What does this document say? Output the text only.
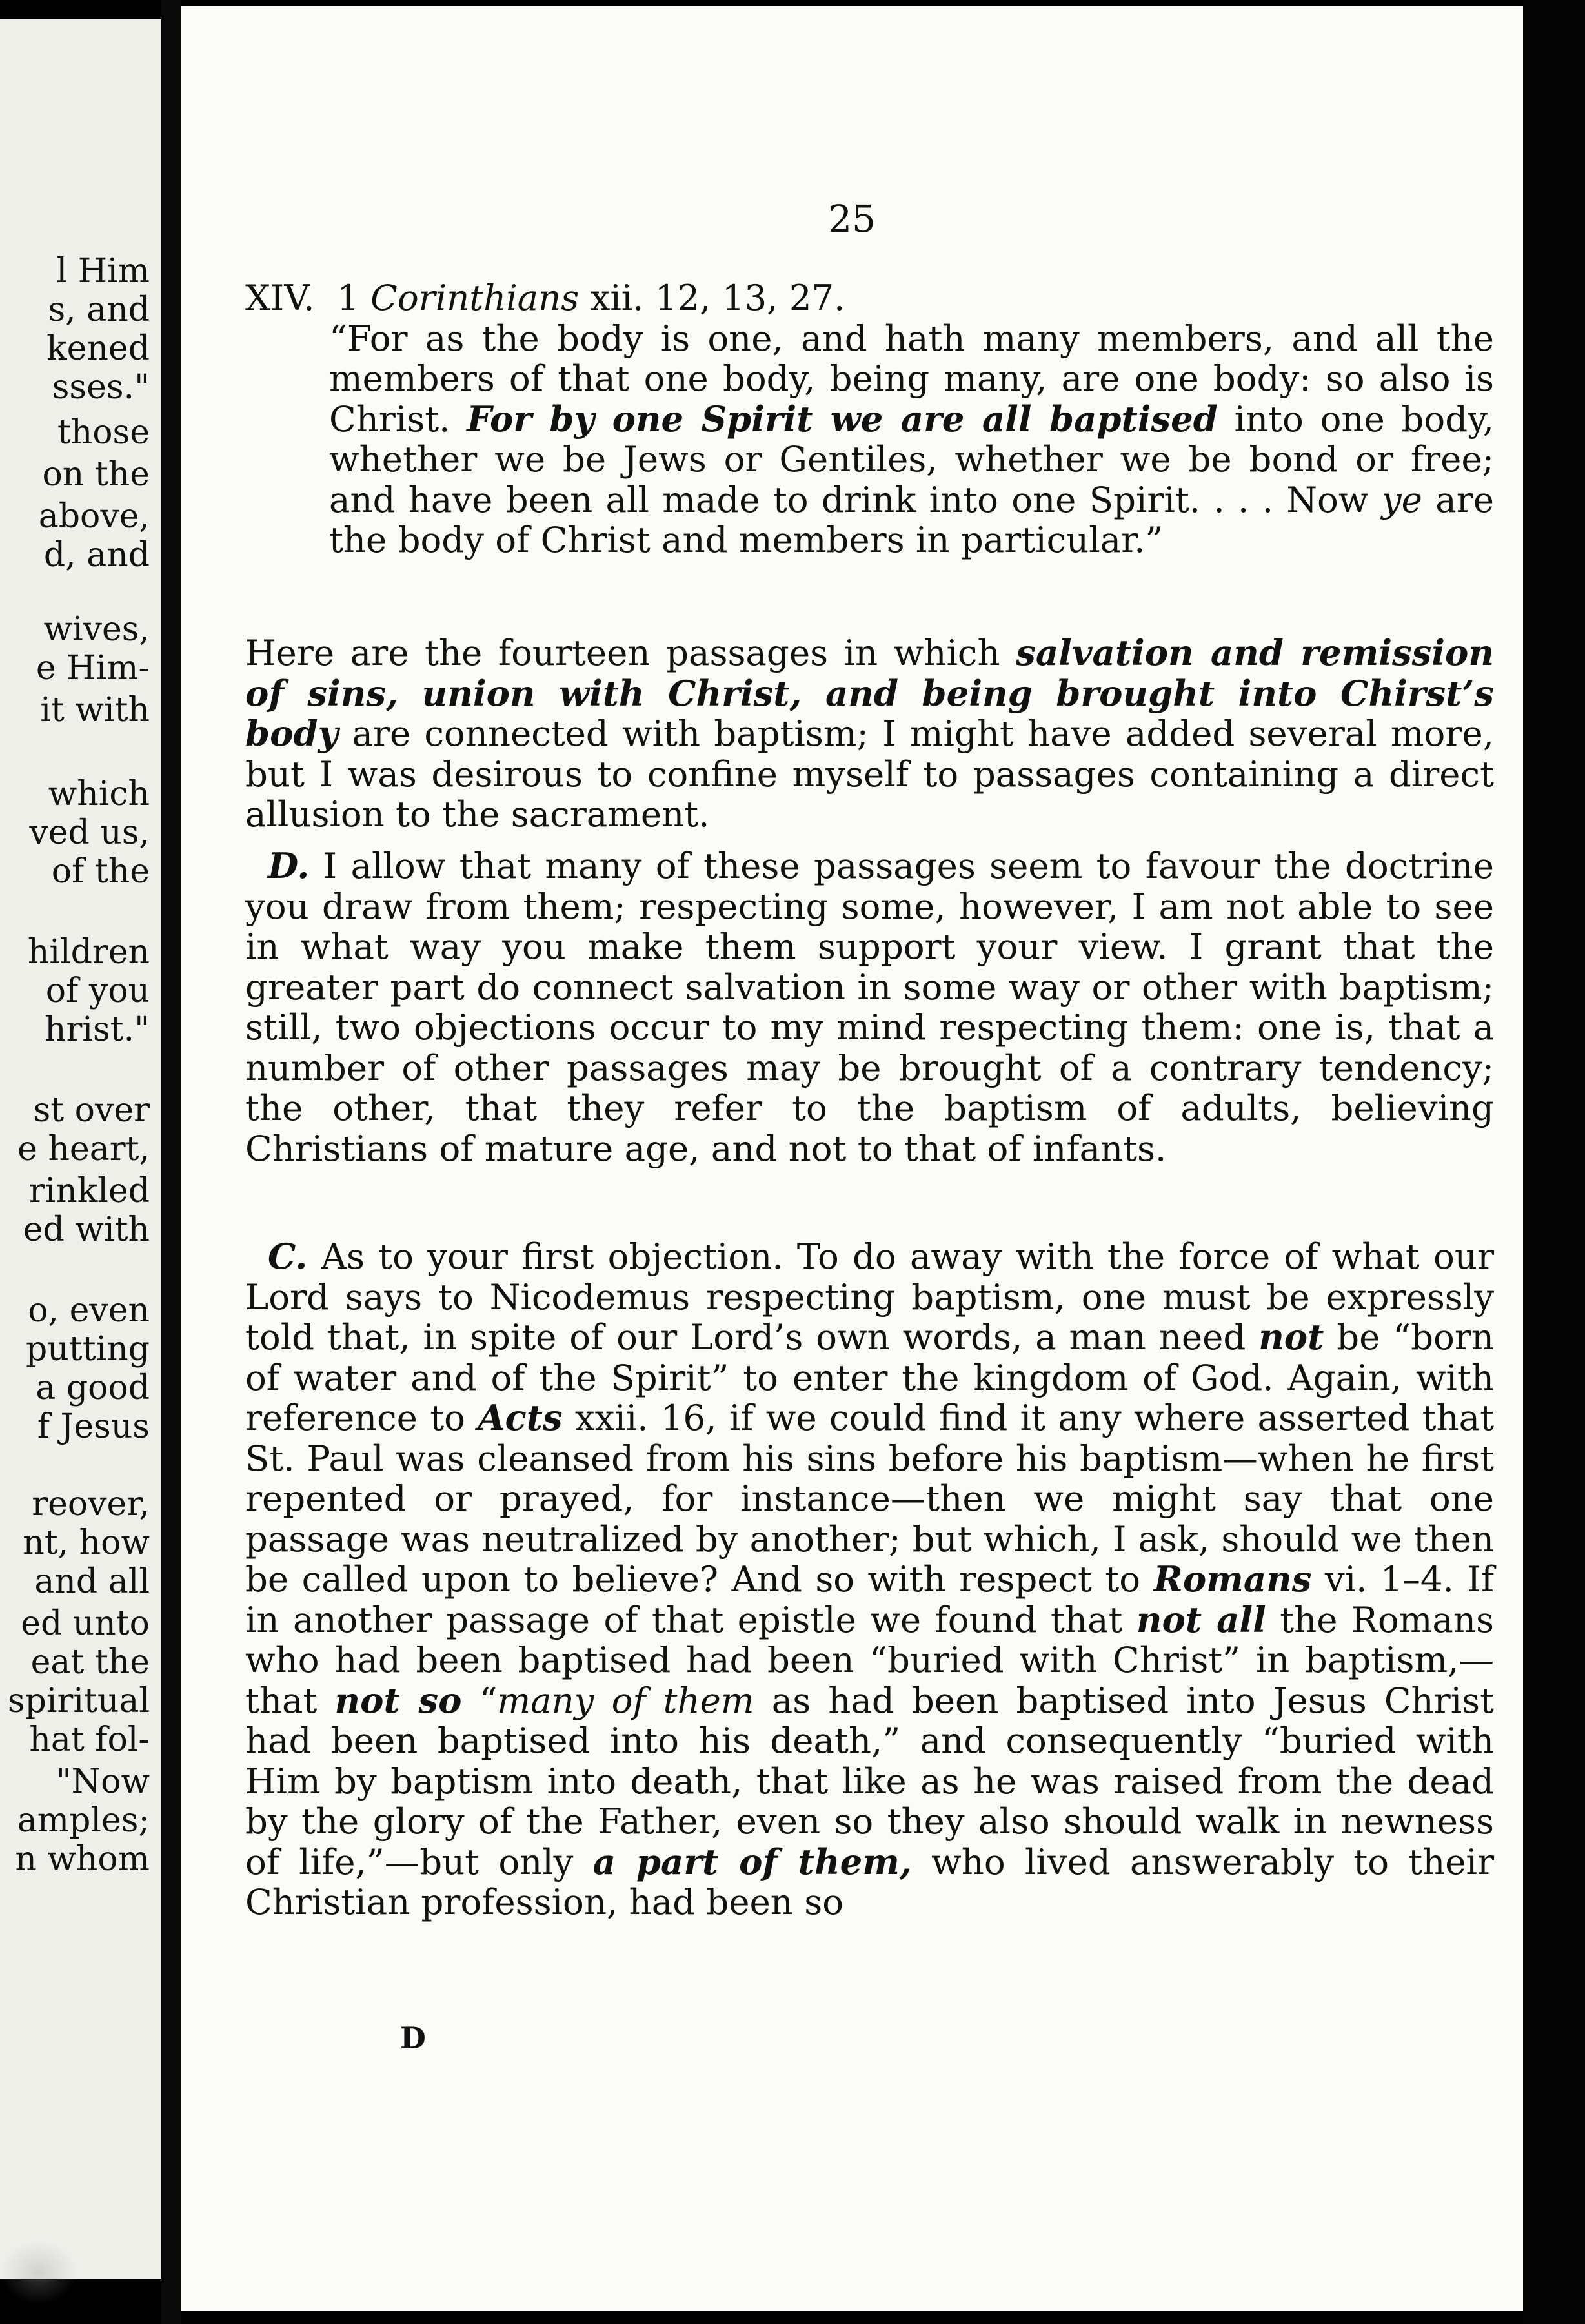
l Him
s, and
kened
sses."
those
on the
above,
d, and
wives,
e Him-
it with
which
ved us,
of the
hildren
of you
hrist."
st over
e heart,
rinkled
ed with
o, even
putting
a good
f Jesus
reover,
nt, how
and all
ed unto
eat the
spiritual
hat fol-
"Now
amples;
n whom
25

XIV. 1 Corinthians xii. 12, 13, 27.
“For as the body is one, and hath many members, and all the members of that one body, being many, are one body: so also is Christ. For by one Spirit we are all baptised into one body, whether we be Jews or Gentiles, whether we be bond or free; and have been all made to drink into one Spirit. . . . Now ye are the body of Christ and members in particular.”

Here are the fourteen passages in which salvation and remission of sins, union with Christ, and being brought into Chirst’s body are connected with baptism; I might have added several more, but I was desirous to confine myself to passages containing a direct allusion to the sacrament.

D. I allow that many of these passages seem to favour the doctrine you draw from them; respecting some, however, I am not able to see in what way you make them support your view. I grant that the greater part do connect salvation in some way or other with baptism; still, two objections occur to my mind respecting them: one is, that a number of other passages may be brought of a contrary tendency; the other, that they refer to the baptism of adults, believing Christians of mature age, and not to that of infants.

C. As to your first objection. To do away with the force of what our Lord says to Nicodemus respecting baptism, one must be expressly told that, in spite of our Lord’s own words, a man need not be “born of water and of the Spirit” to enter the kingdom of God. Again, with reference to Acts xxii. 16, if we could find it any where asserted that St. Paul was cleansed from his sins before his baptism—when he first repented or prayed, for instance—then we might say that one passage was neutralized by another; but which, I ask, should we then be called upon to believe? And so with respect to Romans vi. 1–4. If in another passage of that epistle we found that not all the Romans who had been baptised had been “buried with Christ” in baptism,—that not so “many of them as had been baptised into Jesus Christ had been baptised into his death,” and consequently “buried with Him by baptism into death, that like as he was raised from the dead by the glory of the Father, even so they also should walk in newness of life,”—but only a part of them, who lived answerably to their Christian profession, had been so

D
